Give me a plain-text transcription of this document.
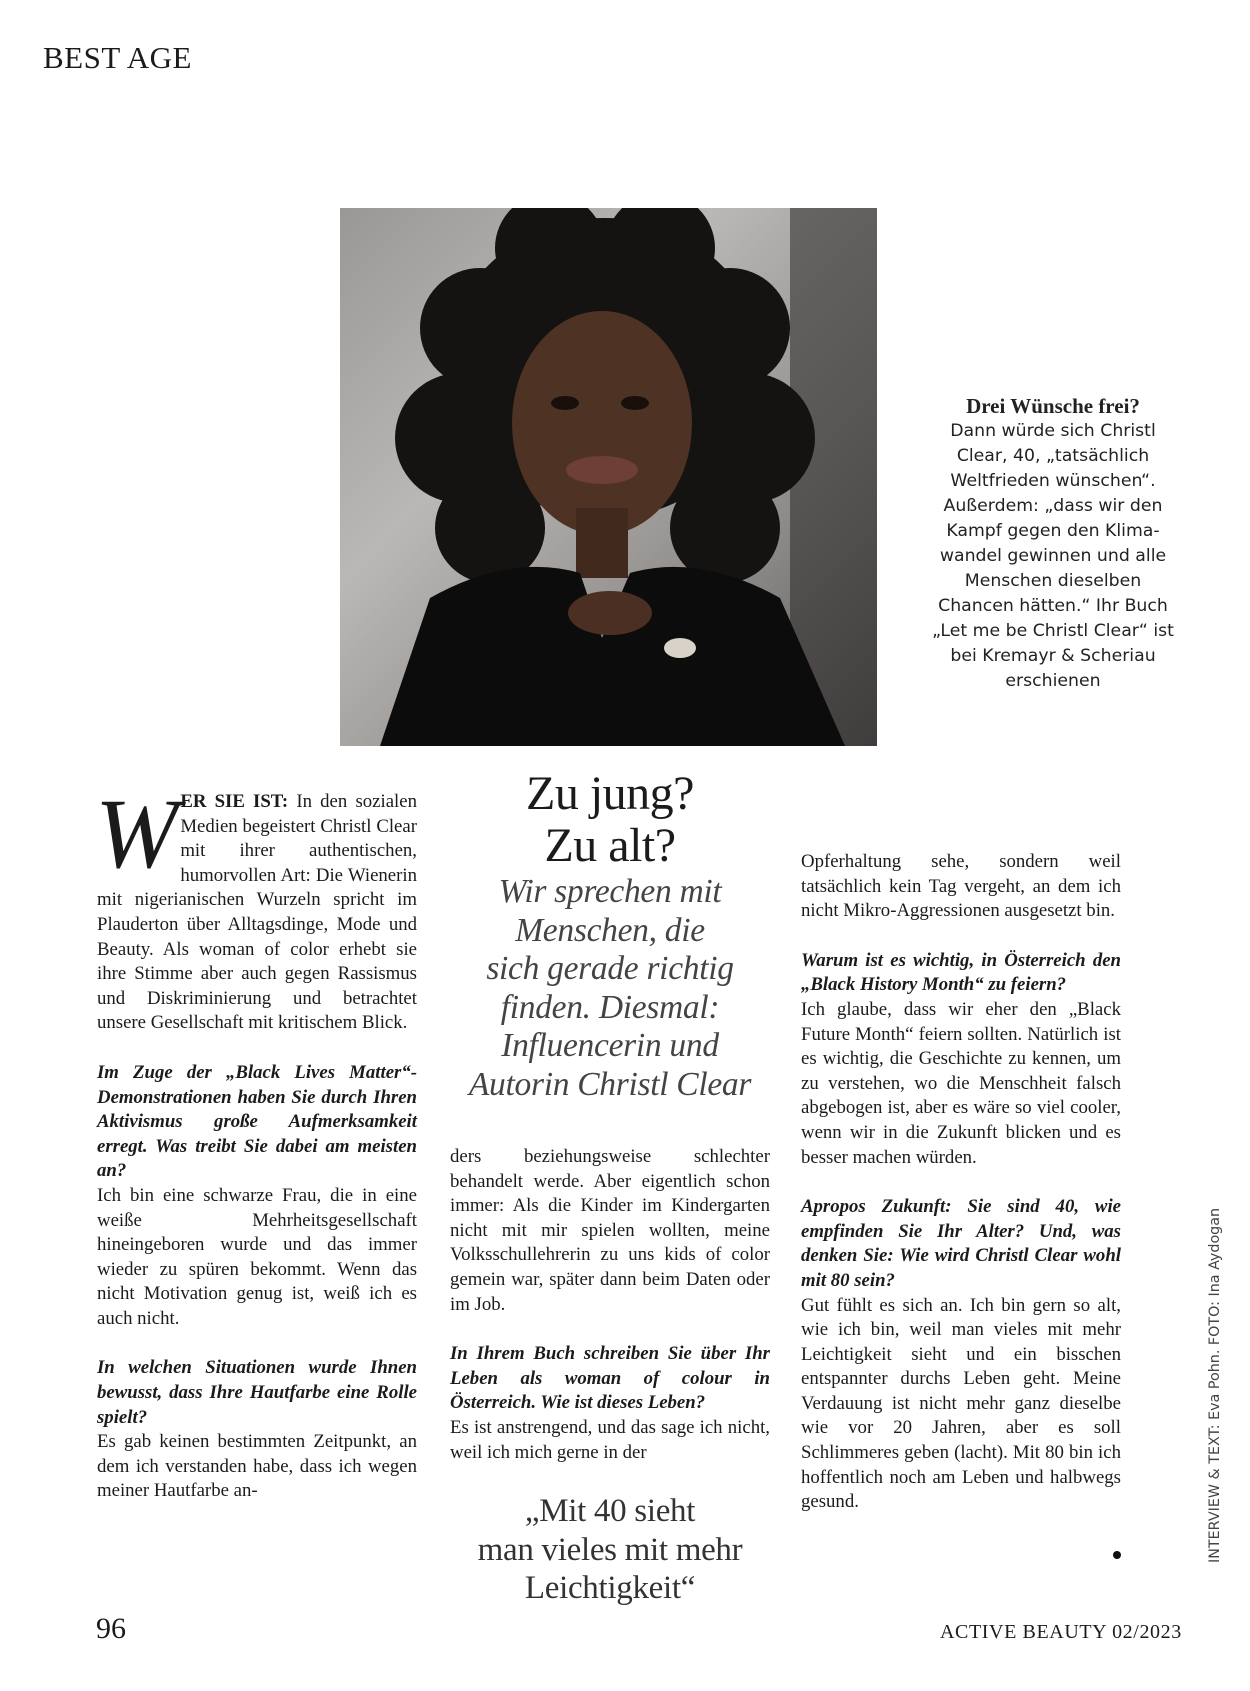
BEST AGE
Drei Wünsche frei?
Dann würde sich Christl
Clear, 40, „tatsächlich
Weltfrieden wünschen“.
Außerdem: „dass wir den
Kampf gegen den Klima-
wandel gewinnen und alle
Menschen dieselben
Chancen hätten.“ Ihr Buch
„Let me be Christl Clear“ ist
bei Kremayr & Scheriau
erschienen
Zu jung?
Zu alt?
Wir sprechen mit
Menschen, die
sich gerade richtig
finden. Diesmal:
Influencerin und
Autorin Christl Clear

W ER SIE IST: In den sozialen Medien begeistert Christl Clear mit ihrer authentischen, humorvollen Art: Die Wienerin mit nigerianischen Wurzeln spricht im Plauderton über Alltagsdinge, Mode und Beauty. Als woman of color erhebt sie ihre Stimme aber auch gegen Rassismus und Diskriminierung und betrachtet unsere Gesellschaft mit kritischem Blick.

Im Zuge der „Black Lives Matter“-Demonstrationen haben Sie durch Ihren Aktivismus große Aufmerksamkeit erregt. Was treibt Sie dabei am meisten an?
Ich bin eine schwarze Frau, die in eine weiße Mehrheitsgesellschaft hineingeboren wurde und das immer wieder zu spüren bekommt. Wenn das nicht Motivation genug ist, weiß ich es auch nicht.

In welchen Situationen wurde Ihnen bewusst, dass Ihre Hautfarbe eine Rolle spielt?
Es gab keinen bestimmten Zeitpunkt, an dem ich verstanden habe, dass ich wegen meiner Hautfarbe an-

ders beziehungsweise schlechter behandelt werde. Aber eigentlich schon immer: Als die Kinder im Kindergarten nicht mit mir spielen wollten, meine Volksschullehrerin zu uns kids of color gemein war, später dann beim Daten oder im Job.

In Ihrem Buch schreiben Sie über Ihr Leben als woman of colour in Österreich. Wie ist dieses Leben?
Es ist anstrengend, und das sage ich nicht, weil ich mich gerne in der

„Mit 40 sieht
man vieles mit mehr
Leichtigkeit“

Opferhaltung sehe, sondern weil tatsächlich kein Tag vergeht, an dem ich nicht Mikro-Aggressionen ausgesetzt bin.

Warum ist es wichtig, in Österreich den „Black History Month“ zu feiern?
Ich glaube, dass wir eher den „Black Future Month“ feiern sollten. Natürlich ist es wichtig, die Geschichte zu kennen, um zu verstehen, wo die Menschheit falsch abgebogen ist, aber es wäre so viel cooler, wenn wir in die Zukunft blicken und es besser machen würden.

Apropos Zukunft: Sie sind 40, wie empfinden Sie Ihr Alter? Und, was denken Sie: Wie wird Christl Clear wohl mit 80 sein?
Gut fühlt es sich an. Ich bin gern so alt, wie ich bin, weil man vieles mit mehr Leichtigkeit sieht und ein bisschen entspannter durchs Leben geht. Meine Verdauung ist nicht mehr ganz dieselbe wie vor 20 Jahren, aber es soll Schlimmeres geben (lacht). Mit 80 bin ich hoffentlich noch am Leben und halbwegs gesund.	INTERVIEW & TEXT: Eva Pohn. FOTO: Ina Aydogan
96	ACTIVE BEAUTY 02/2023
